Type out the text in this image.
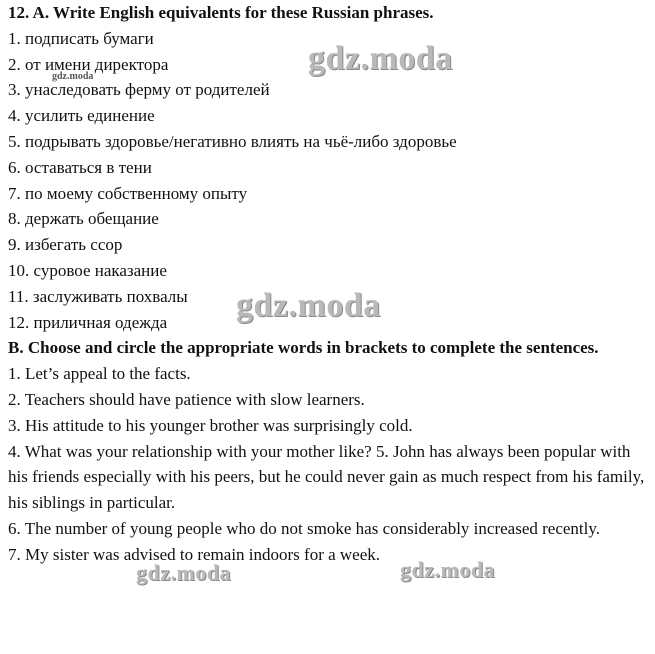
12. A. Write English equivalents for these Russian phrases.
1. подписать бумаги
2. от имени директора
3. унаследовать ферму от родителей
4. усилить единение
5. подрывать здоровье/негативно влиять на чьё-либо здоровье
6. оставаться в тени
7. по моему собственному опыту
8. держать обещание
9. избегать ссор
10. суровое наказание
11. заслуживать похвалы
12. приличная одежда
B. Choose and circle the appropriate words in brackets to complete the sentences.
1. Let’s appeal to the facts.
2. Teachers should have patience with slow learners.
3. His attitude to his younger brother was surprisingly cold.
4. What was your relationship with your mother like? 5. John has always been popular with his friends especially with his peers, but he could never gain as much respect from his family, his siblings in particular.
6. The number of young people who do not smoke has considerably increased recently.
7. My sister was advised to remain indoors for a week.
gdz.moda
gdz.moda
gdz.moda
gdz.moda	gdz.moda
